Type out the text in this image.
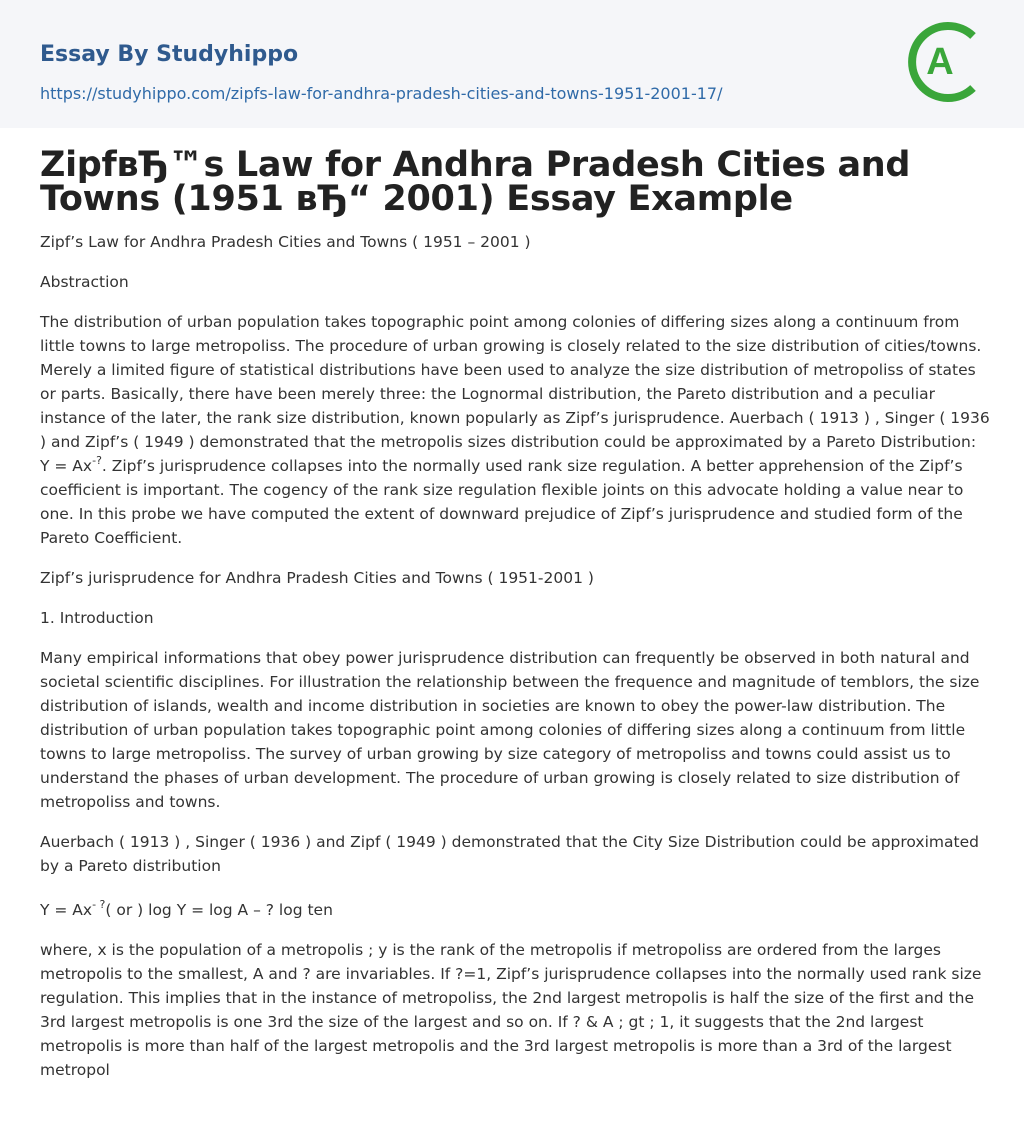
Essay By Studyhippo
https://studyhippo.com/zipfs-law-for-andhra-pradesh-cities-and-towns-1951-2001-17/
A
ZipfвЂ™s Law for Andhra Pradesh Cities and Towns (1951 вЂ“ 2001) Essay Example

Zipf’s Law for Andhra Pradesh Cities and Towns ( 1951 – 2001 )

Abstraction

The distribution of urban population takes topographic point among colonies of differing sizes along a continuum from little towns to large metropoliss. The procedure of urban growing is closely related to the size distribution of cities/towns. Merely a limited figure of statistical distributions have been used to analyze the size distribution of metropoliss of states or parts. Basically, there have been merely three: the Lognormal distribution, the Pareto distribution and a peculiar instance of the later, the rank size distribution, known popularly as Zipf’s jurisprudence. Auerbach ( 1913 ) , Singer ( 1936 ) and Zipf’s ( 1949 ) demonstrated that the metropolis sizes distribution could be approximated by a Pareto Distribution: Y = Ax-?. Zipf’s jurisprudence collapses into the normally used rank size regulation. A better apprehension of the Zipf’s coefficient is important. The cogency of the rank size regulation flexible joints on this advocate holding a value near to one. In this probe we have computed the extent of downward prejudice of Zipf’s jurisprudence and studied form of the Pareto Coefficient.

Zipf’s jurisprudence for Andhra Pradesh Cities and Towns ( 1951-2001 )

1. Introduction

Many empirical informations that obey power jurisprudence distribution can frequently be observed in both natural and societal scientific disciplines. For illustration the relationship between the frequence and magnitude of temblors, the size distribution of islands, wealth and income distribution in societies are known to obey the power-law distribution. The distribution of urban population takes topographic point among colonies of differing sizes along a continuum from little towns to large metropoliss. The survey of urban growing by size category of metropoliss and towns could assist us to understand the phases of urban development. The procedure of urban growing is closely related to size distribution of metropoliss and towns.

Auerbach ( 1913 ) , Singer ( 1936 ) and Zipf ( 1949 ) demonstrated that the City Size Distribution could be approximated by a Pareto distribution

Y = Ax- ?( or ) log Y = log A – ? log ten

where, x is the population of a metropolis ; y is the rank of the metropolis if metropoliss are ordered from the larges metropolis to the smallest, A and ? are invariables. If ?=1, Zipf’s jurisprudence collapses into the normally used rank size regulation. This implies that in the instance of metropoliss, the 2nd largest metropolis is half the size of the first and the 3rd largest metropolis is one 3rd the size of the largest and so on. If ? & A ; gt ; 1, it suggests that the 2nd largest metropolis is more than half of the largest metropolis and the 3rd largest metropolis is more than a 3rd of the largest metropol
